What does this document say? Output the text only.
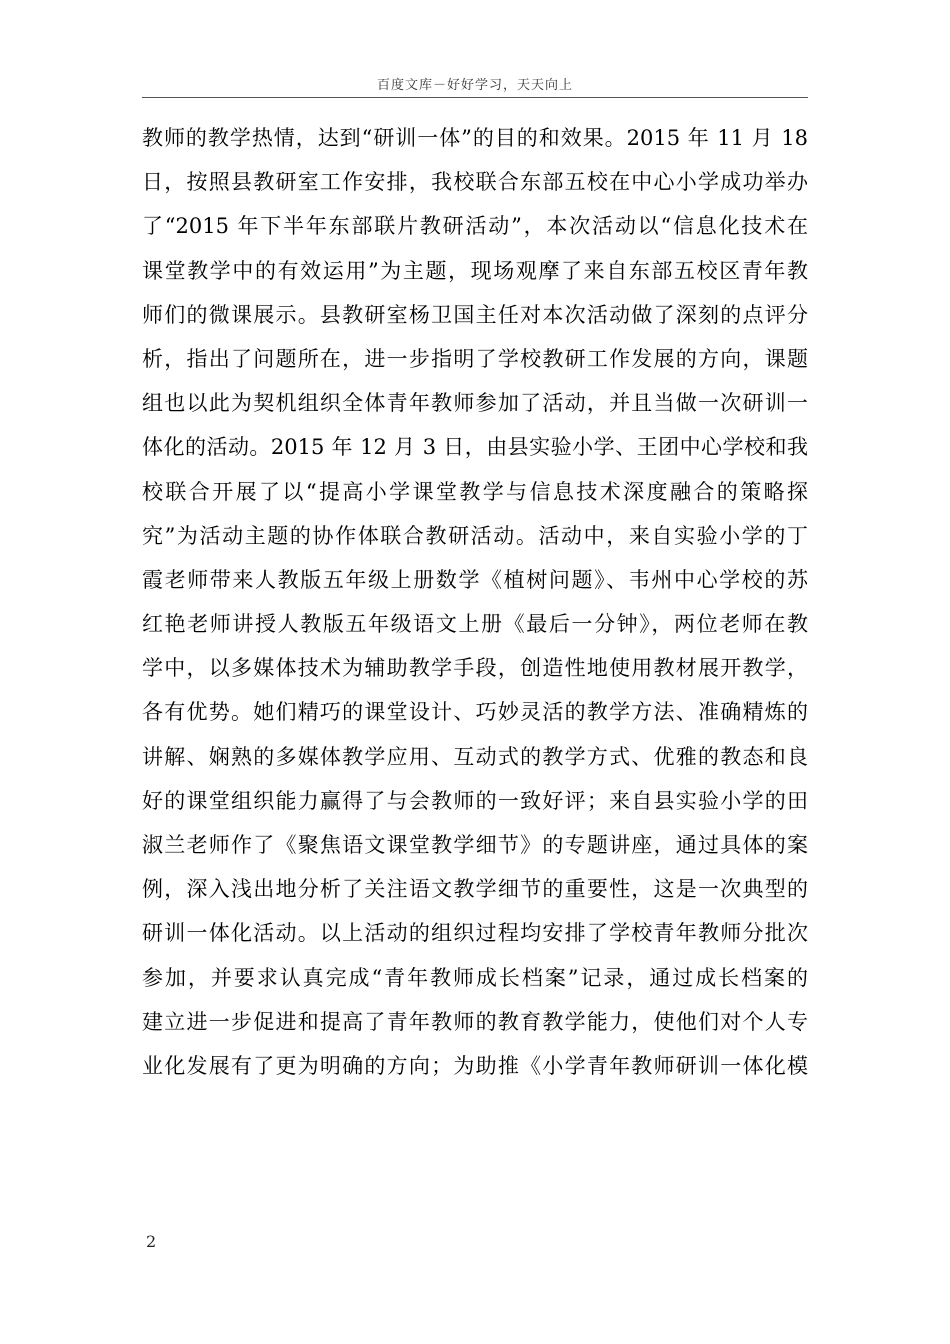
百度文库－好好学习，天天向上
教师的教学热情，达到“研训一体”的目的和效果。2015 年 11 月 18
日，按照县教研室工作安排，我校联合东部五校在中心小学成功举办
了“2015 年下半年东部联片教研活动”，本次活动以“信息化技术在
课堂教学中的有效运用”为主题，现场观摩了来自东部五校区青年教
师们的微课展示。县教研室杨卫国主任对本次活动做了深刻的点评分
析，指出了问题所在，进一步指明了学校教研工作发展的方向，课题
组也以此为契机组织全体青年教师参加了活动，并且当做一次研训一
体化的活动。2015 年 12 月 3 日，由县实验小学、王团中心学校和我
校联合开展了以“提高小学课堂教学与信息技术深度融合的策略探
究”为活动主题的协作体联合教研活动。活动中，来自实验小学的丁
霞老师带来人教版五年级上册数学《植树问题》、韦州中心学校的苏
红艳老师讲授人教版五年级语文上册《最后一分钟》，两位老师在教
学中，以多媒体技术为辅助教学手段，创造性地使用教材展开教学，
各有优势。她们精巧的课堂设计、巧妙灵活的教学方法、准确精炼的
讲解、娴熟的多媒体教学应用、互动式的教学方式、优雅的教态和良
好的课堂组织能力赢得了与会教师的一致好评；来自县实验小学的田
淑兰老师作了《聚焦语文课堂教学细节》的专题讲座，通过具体的案
例，深入浅出地分析了关注语文教学细节的重要性，这是一次典型的
研训一体化活动。以上活动的组织过程均安排了学校青年教师分批次
参加，并要求认真完成“青年教师成长档案”记录，通过成长档案的
建立进一步促进和提高了青年教师的教育教学能力，使他们对个人专
业化发展有了更为明确的方向；为助推《小学青年教师研训一体化模
2
